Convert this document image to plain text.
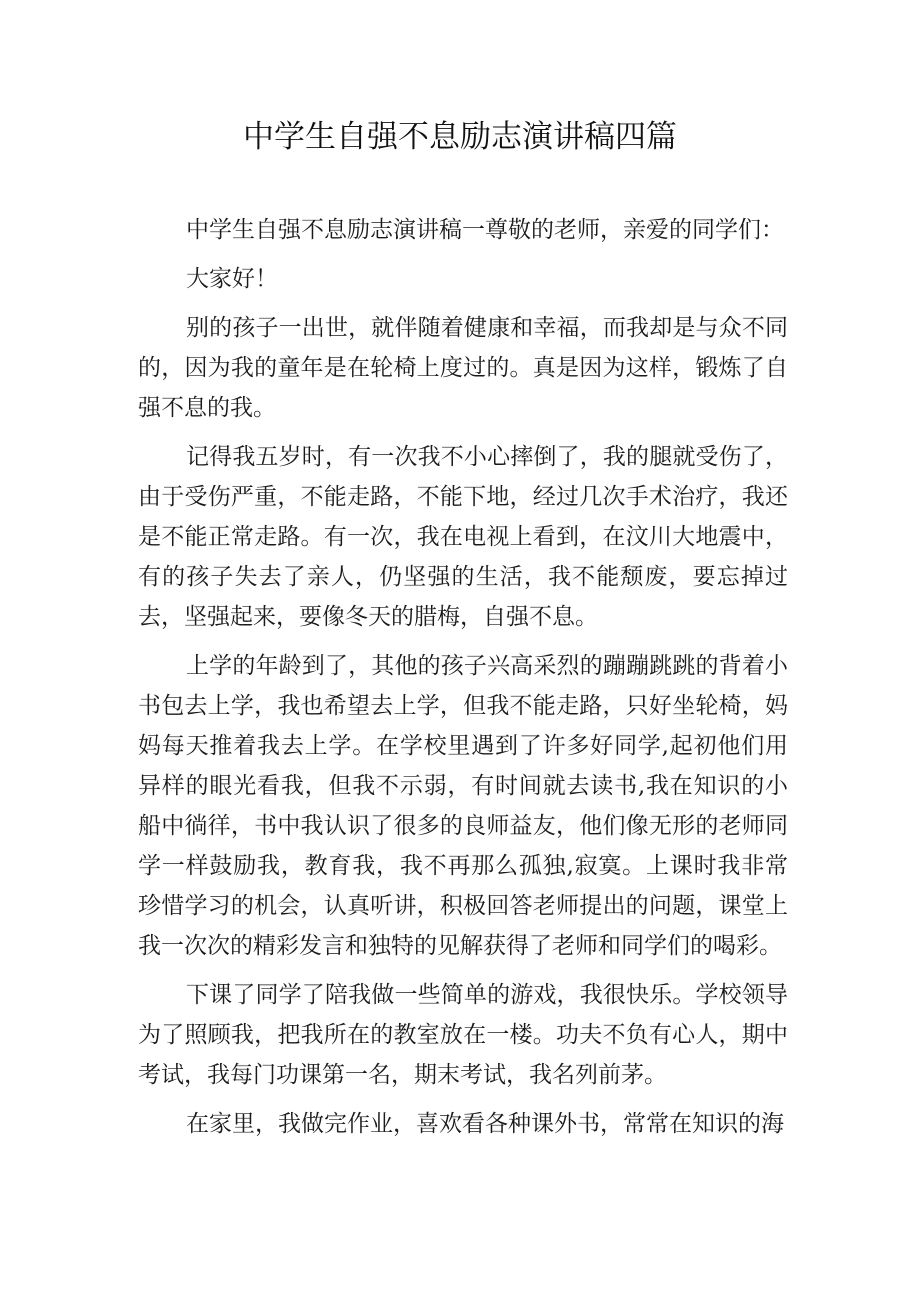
中学生自强不息励志演讲稿四篇

中学生自强不息励志演讲稿一尊敬的老师，亲爱的同学们：

大家好！

别的孩子一出世，就伴随着健康和幸福，而我却是与众不同的，因为我的童年是在轮椅上度过的。真是因为这样，锻炼了自强不息的我。

记得我五岁时，有一次我不小心摔倒了，我的腿就受伤了，由于受伤严重，不能走路，不能下地，经过几次手术治疗，我还是不能正常走路。有一次，我在电视上看到，在汶川大地震中，有的孩子失去了亲人，仍坚强的生活，我不能颓废，要忘掉过去，坚强起来，要像冬天的腊梅，自强不息。

上学的年龄到了，其他的孩子兴高采烈的蹦蹦跳跳的背着小书包去上学，我也希望去上学，但我不能走路，只好坐轮椅，妈妈每天推着我去上学。在学校里遇到了许多好同学,起初他们用异样的眼光看我，但我不示弱，有时间就去读书,我在知识的小船中徜徉，书中我认识了很多的良师益友，他们像无形的老师同学一样鼓励我，教育我，我不再那么孤独,寂寞。上课时我非常珍惜学习的机会，认真听讲，积极回答老师提出的问题，课堂上我一次次的精彩发言和独特的见解获得了老师和同学们的喝彩。

下课了同学了陪我做一些简单的游戏，我很快乐。学校领导为了照顾我，把我所在的教室放在一楼。功夫不负有心人，期中考试，我每门功课第一名，期末考试，我名列前茅。

在家里，我做完作业，喜欢看各种课外书，常常在知识的海
